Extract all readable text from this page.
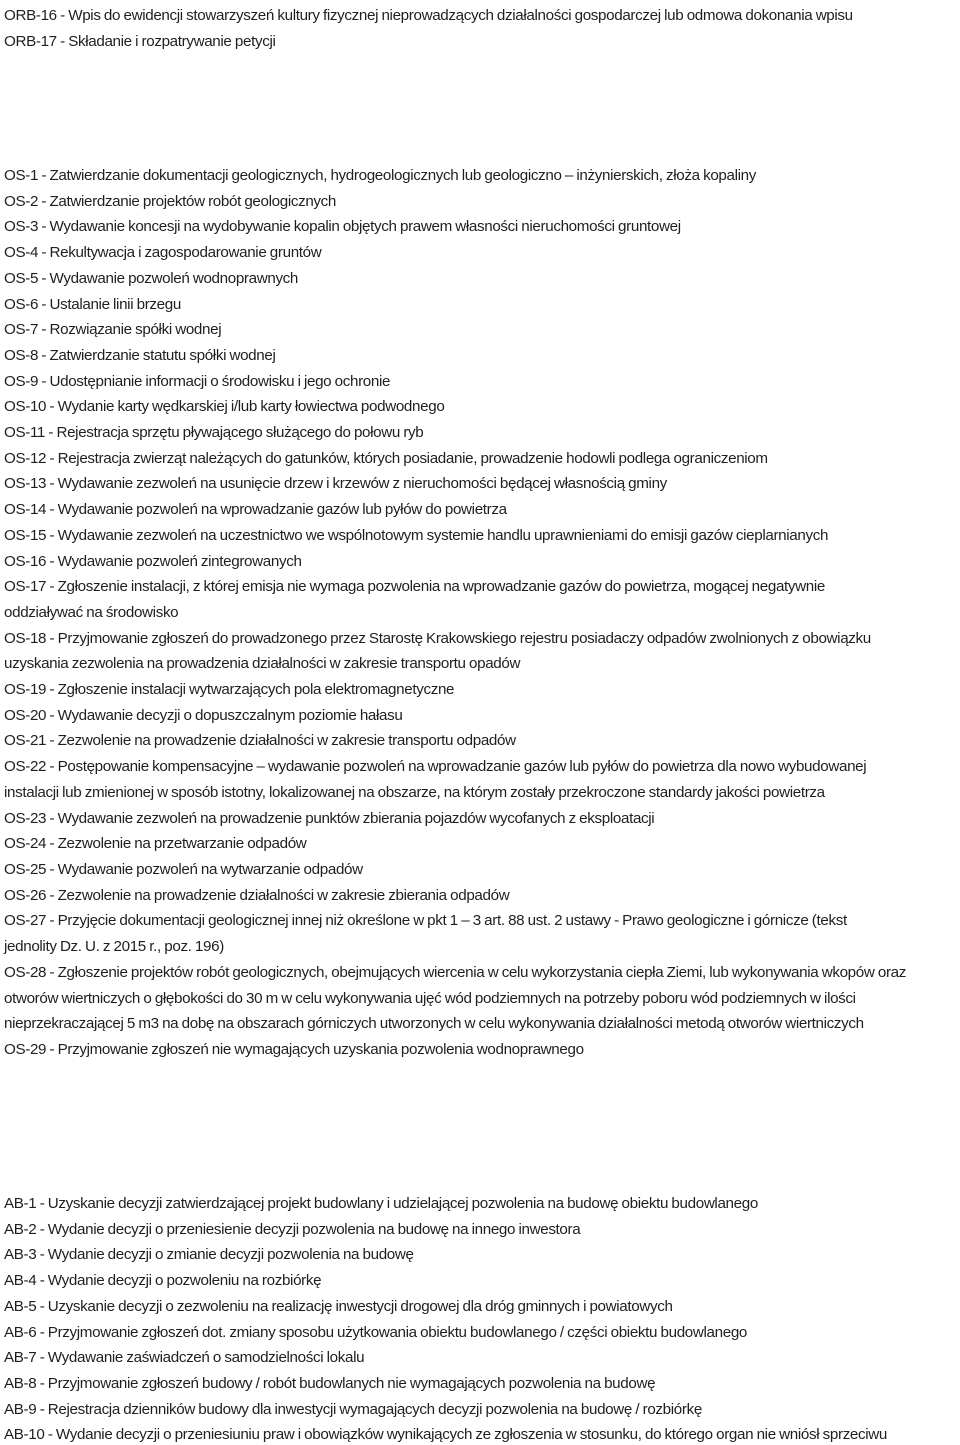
ORB-16 - Wpis do ewidencji stowarzyszeń kultury fizycznej nieprowadzących działalności gospodarczej lub odmowa dokonania wpisu
ORB-17 - Składanie i rozpatrywanie petycji
OS-1 - Zatwierdzanie dokumentacji geologicznych, hydrogeologicznych lub geologiczno – inżynierskich, złoża kopaliny
OS-2 - Zatwierdzanie projektów robót geologicznych
OS-3 - Wydawanie koncesji na wydobywanie kopalin objętych prawem własności nieruchomości gruntowej
OS-4 - Rekultywacja i zagospodarowanie gruntów
OS-5 - Wydawanie pozwoleń wodnoprawnych
OS-6 - Ustalanie linii brzegu
OS-7 - Rozwiązanie spółki wodnej
OS-8 - Zatwierdzanie statutu spółki wodnej
OS-9 - Udostępnianie informacji o środowisku i jego ochronie
OS-10 - Wydanie karty wędkarskiej i/lub karty łowiectwa podwodnego
OS-11 - Rejestracja sprzętu pływającego służącego do połowu ryb
OS-12 - Rejestracja zwierząt należących do gatunków, których posiadanie, prowadzenie hodowli podlega ograniczeniom
OS-13 - Wydawanie zezwoleń na usunięcie drzew i krzewów z nieruchomości będącej własnością gminy
OS-14 - Wydawanie pozwoleń na wprowadzanie gazów lub pyłów do powietrza
OS-15 - Wydawanie zezwoleń na uczestnictwo we wspólnotowym systemie handlu uprawnieniami do emisji gazów cieplarnianych
OS-16 - Wydawanie pozwoleń zintegrowanych
OS-17 - Zgłoszenie instalacji, z której emisja nie wymaga pozwolenia na wprowadzanie gazów do powietrza, mogącej negatywnie
oddziaływać na środowisko
OS-18 - Przyjmowanie zgłoszeń do prowadzonego przez Starostę Krakowskiego rejestru posiadaczy odpadów zwolnionych z obowiązku
uzyskania zezwolenia na prowadzenia działalności w zakresie transportu opadów
OS-19 - Zgłoszenie instalacji wytwarzających pola elektromagnetyczne
OS-20 - Wydawanie decyzji o dopuszczalnym poziomie hałasu
OS-21 - Zezwolenie na prowadzenie działalności w zakresie transportu odpadów
OS-22 - Postępowanie kompensacyjne – wydawanie pozwoleń na wprowadzanie gazów lub pyłów do powietrza dla nowo wybudowanej
instalacji lub zmienionej w sposób istotny, lokalizowanej na obszarze, na którym zostały przekroczone standardy jakości powietrza
OS-23 - Wydawanie zezwoleń na prowadzenie punktów zbierania pojazdów wycofanych z eksploatacji
OS-24 - Zezwolenie na przetwarzanie odpadów
OS-25 - Wydawanie pozwoleń na wytwarzanie odpadów
OS-26 - Zezwolenie na prowadzenie działalności w zakresie zbierania odpadów
OS-27 - Przyjęcie dokumentacji geologicznej innej niż określone w pkt 1 – 3 art. 88 ust. 2 ustawy - Prawo geologiczne i górnicze (tekst
jednolity Dz. U. z 2015 r., poz. 196)
OS-28 - Zgłoszenie projektów robót geologicznych, obejmujących wiercenia w celu wykorzystania ciepła Ziemi, lub wykonywania wkopów oraz
otworów wiertniczych o głębokości do 30 m w celu wykonywania ujęć wód podziemnych na potrzeby poboru wód podziemnych w ilości
nieprzekraczającej 5 m3 na dobę na obszarach górniczych utworzonych w celu wykonywania działalności metodą otworów wiertniczych
OS-29 - Przyjmowanie zgłoszeń nie wymagających uzyskania pozwolenia wodnoprawnego
AB-1 - Uzyskanie decyzji zatwierdzającej projekt budowlany i udzielającej pozwolenia na budowę obiektu budowlanego
AB-2 - Wydanie decyzji o przeniesienie decyzji pozwolenia na budowę na innego inwestora
AB-3 - Wydanie decyzji o zmianie decyzji pozwolenia na budowę
AB-4 - Wydanie decyzji o pozwoleniu na rozbiórkę
AB-5 - Uzyskanie decyzji o zezwoleniu na realizację inwestycji drogowej dla dróg gminnych i powiatowych
AB-6 - Przyjmowanie zgłoszeń dot. zmiany sposobu użytkowania obiektu budowlanego / części obiektu budowlanego
AB-7 - Wydawanie zaświadczeń o samodzielności lokalu
AB-8 - Przyjmowanie zgłoszeń budowy / robót budowlanych nie wymagających pozwolenia na budowę
AB-9 - Rejestracja dzienników budowy dla inwestycji wymagających decyzji pozwolenia na budowę / rozbiórkę
AB-10 - Wydanie decyzji o przeniesiuniu praw i obowiązków wynikających ze zgłoszenia w stosunku, do którego organ nie wniósł sprzeciwu
